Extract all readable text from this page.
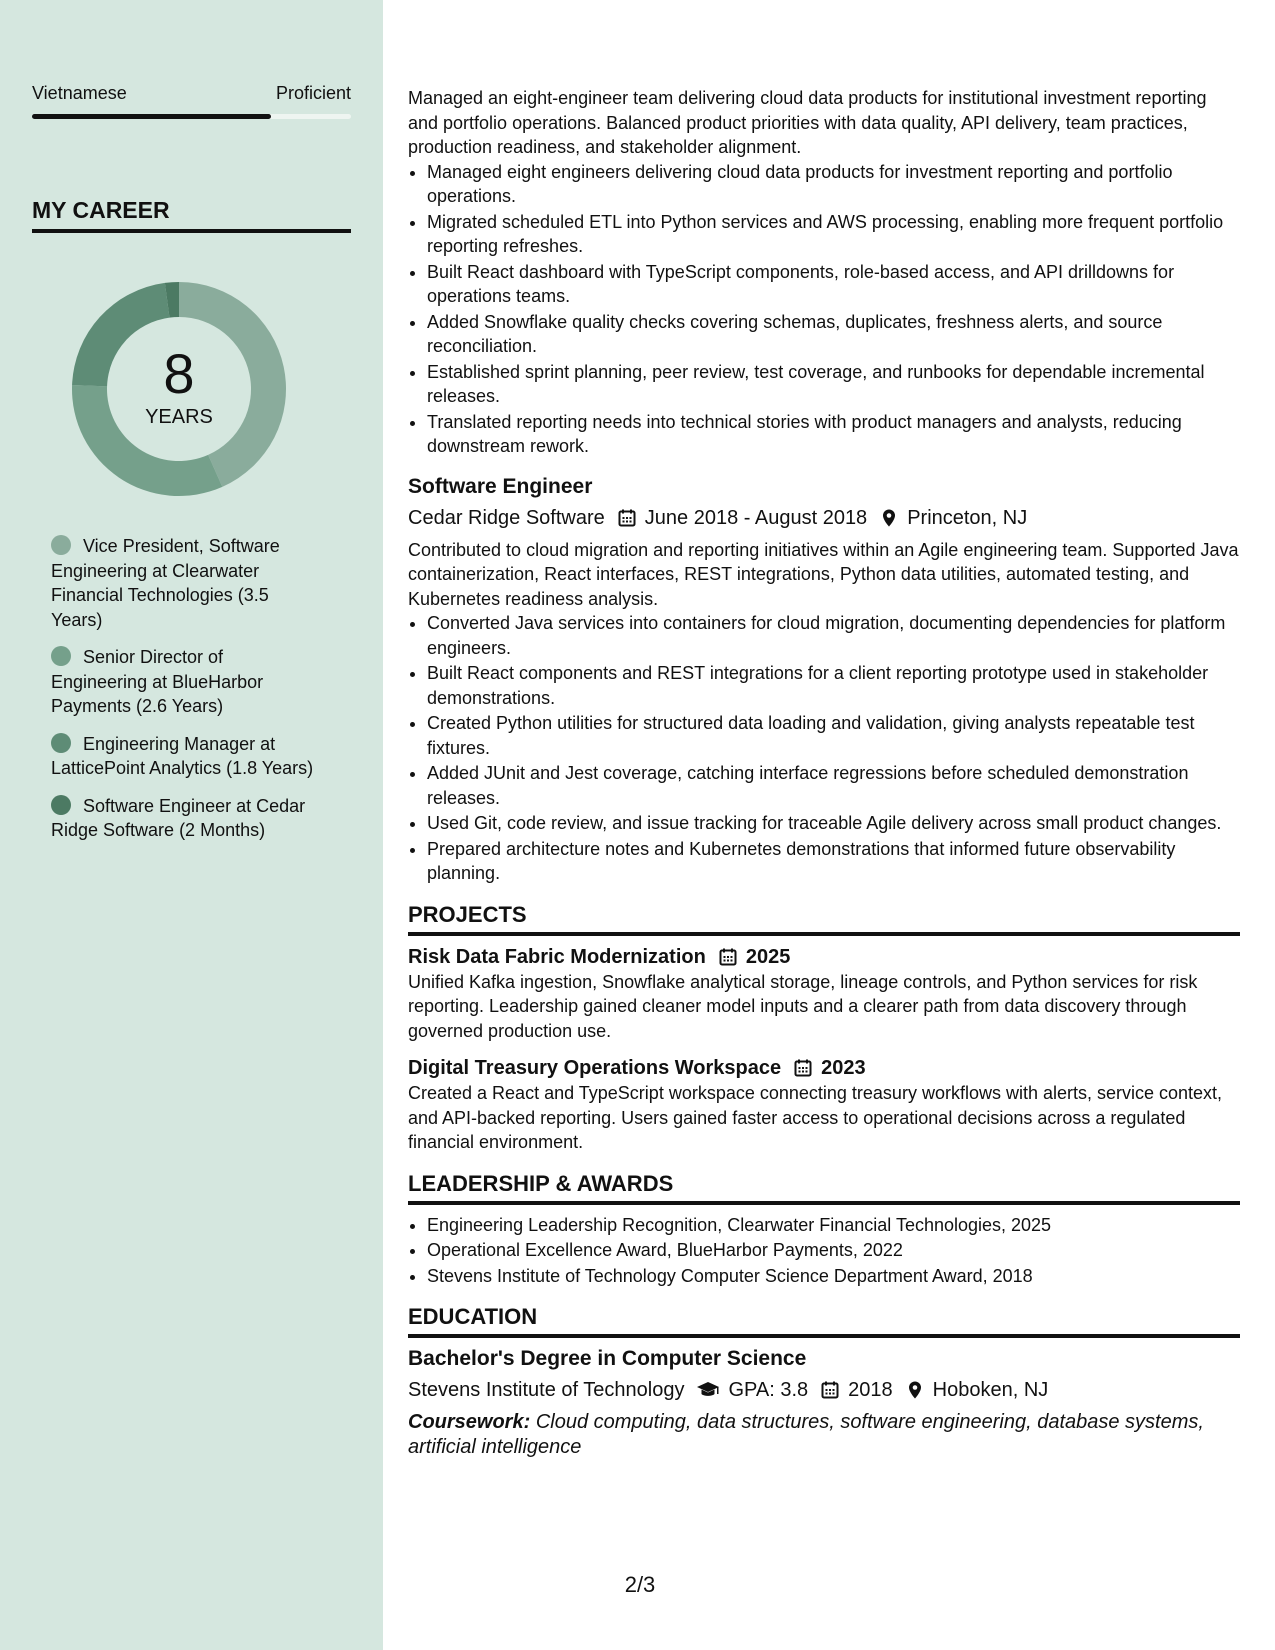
Vietnamese	Proficient
MY CAREER
8
YEARS
Vice President, Software Engineering at Clearwater Financial Technologies (3.5 Years)
Senior Director of Engineering at BlueHarbor Payments (2.6 Years)
Engineering Manager at LatticePoint Analytics (1.8 Years)
Software Engineer at Cedar Ridge Software (2 Months)

Managed an eight-engineer team delivering cloud data products for institutional investment reporting and portfolio operations. Balanced product priorities with data quality, API delivery, team practices, production readiness, and stakeholder alignment.

• Managed eight engineers delivering cloud data products for investment reporting and portfolio operations.
• Migrated scheduled ETL into Python services and AWS processing, enabling more frequent portfolio reporting refreshes.
• Built React dashboard with TypeScript components, role-based access, and API drilldowns for operations teams.
• Added Snowflake quality checks covering schemas, duplicates, freshness alerts, and source reconciliation.
• Established sprint planning, peer review, test coverage, and runbooks for dependable incremental releases.
• Translated reporting needs into technical stories with product managers and analysts, reducing downstream rework.
Software Engineer
Cedar Ridge Software June 2018 - August 2018 Princeton, NJ

Contributed to cloud migration and reporting initiatives within an Agile engineering team. Supported Java containerization, React interfaces, REST integrations, Python data utilities, automated testing, and Kubernetes readiness analysis.

• Converted Java services into containers for cloud migration, documenting dependencies for platform engineers.
• Built React components and REST integrations for a client reporting prototype used in stakeholder demonstrations.
• Created Python utilities for structured data loading and validation, giving analysts repeatable test fixtures.
• Added JUnit and Jest coverage, catching interface regressions before scheduled demonstration releases.
• Used Git, code review, and issue tracking for traceable Agile delivery across small product changes.
• Prepared architecture notes and Kubernetes demonstrations that informed future observability planning.
PROJECTS
Risk Data Fabric Modernization 2025

Unified Kafka ingestion, Snowflake analytical storage, lineage controls, and Python services for risk reporting. Leadership gained cleaner model inputs and a clearer path from data discovery through governed production use.

Digital Treasury Operations Workspace 2023

Created a React and TypeScript workspace connecting treasury workflows with alerts, service context, and API-backed reporting. Users gained faster access to operational decisions across a regulated financial environment.

LEADERSHIP & AWARDS
• Engineering Leadership Recognition, Clearwater Financial Technologies, 2025
• Operational Excellence Award, BlueHarbor Payments, 2022
• Stevens Institute of Technology Computer Science Department Award, 2018
EDUCATION
Bachelor's Degree in Computer Science
Stevens Institute of Technology GPA: 3.8 2018 Hoboken, NJ
Coursework: Cloud computing, data structures, software engineering, database systems, artificial intelligence
2/3
